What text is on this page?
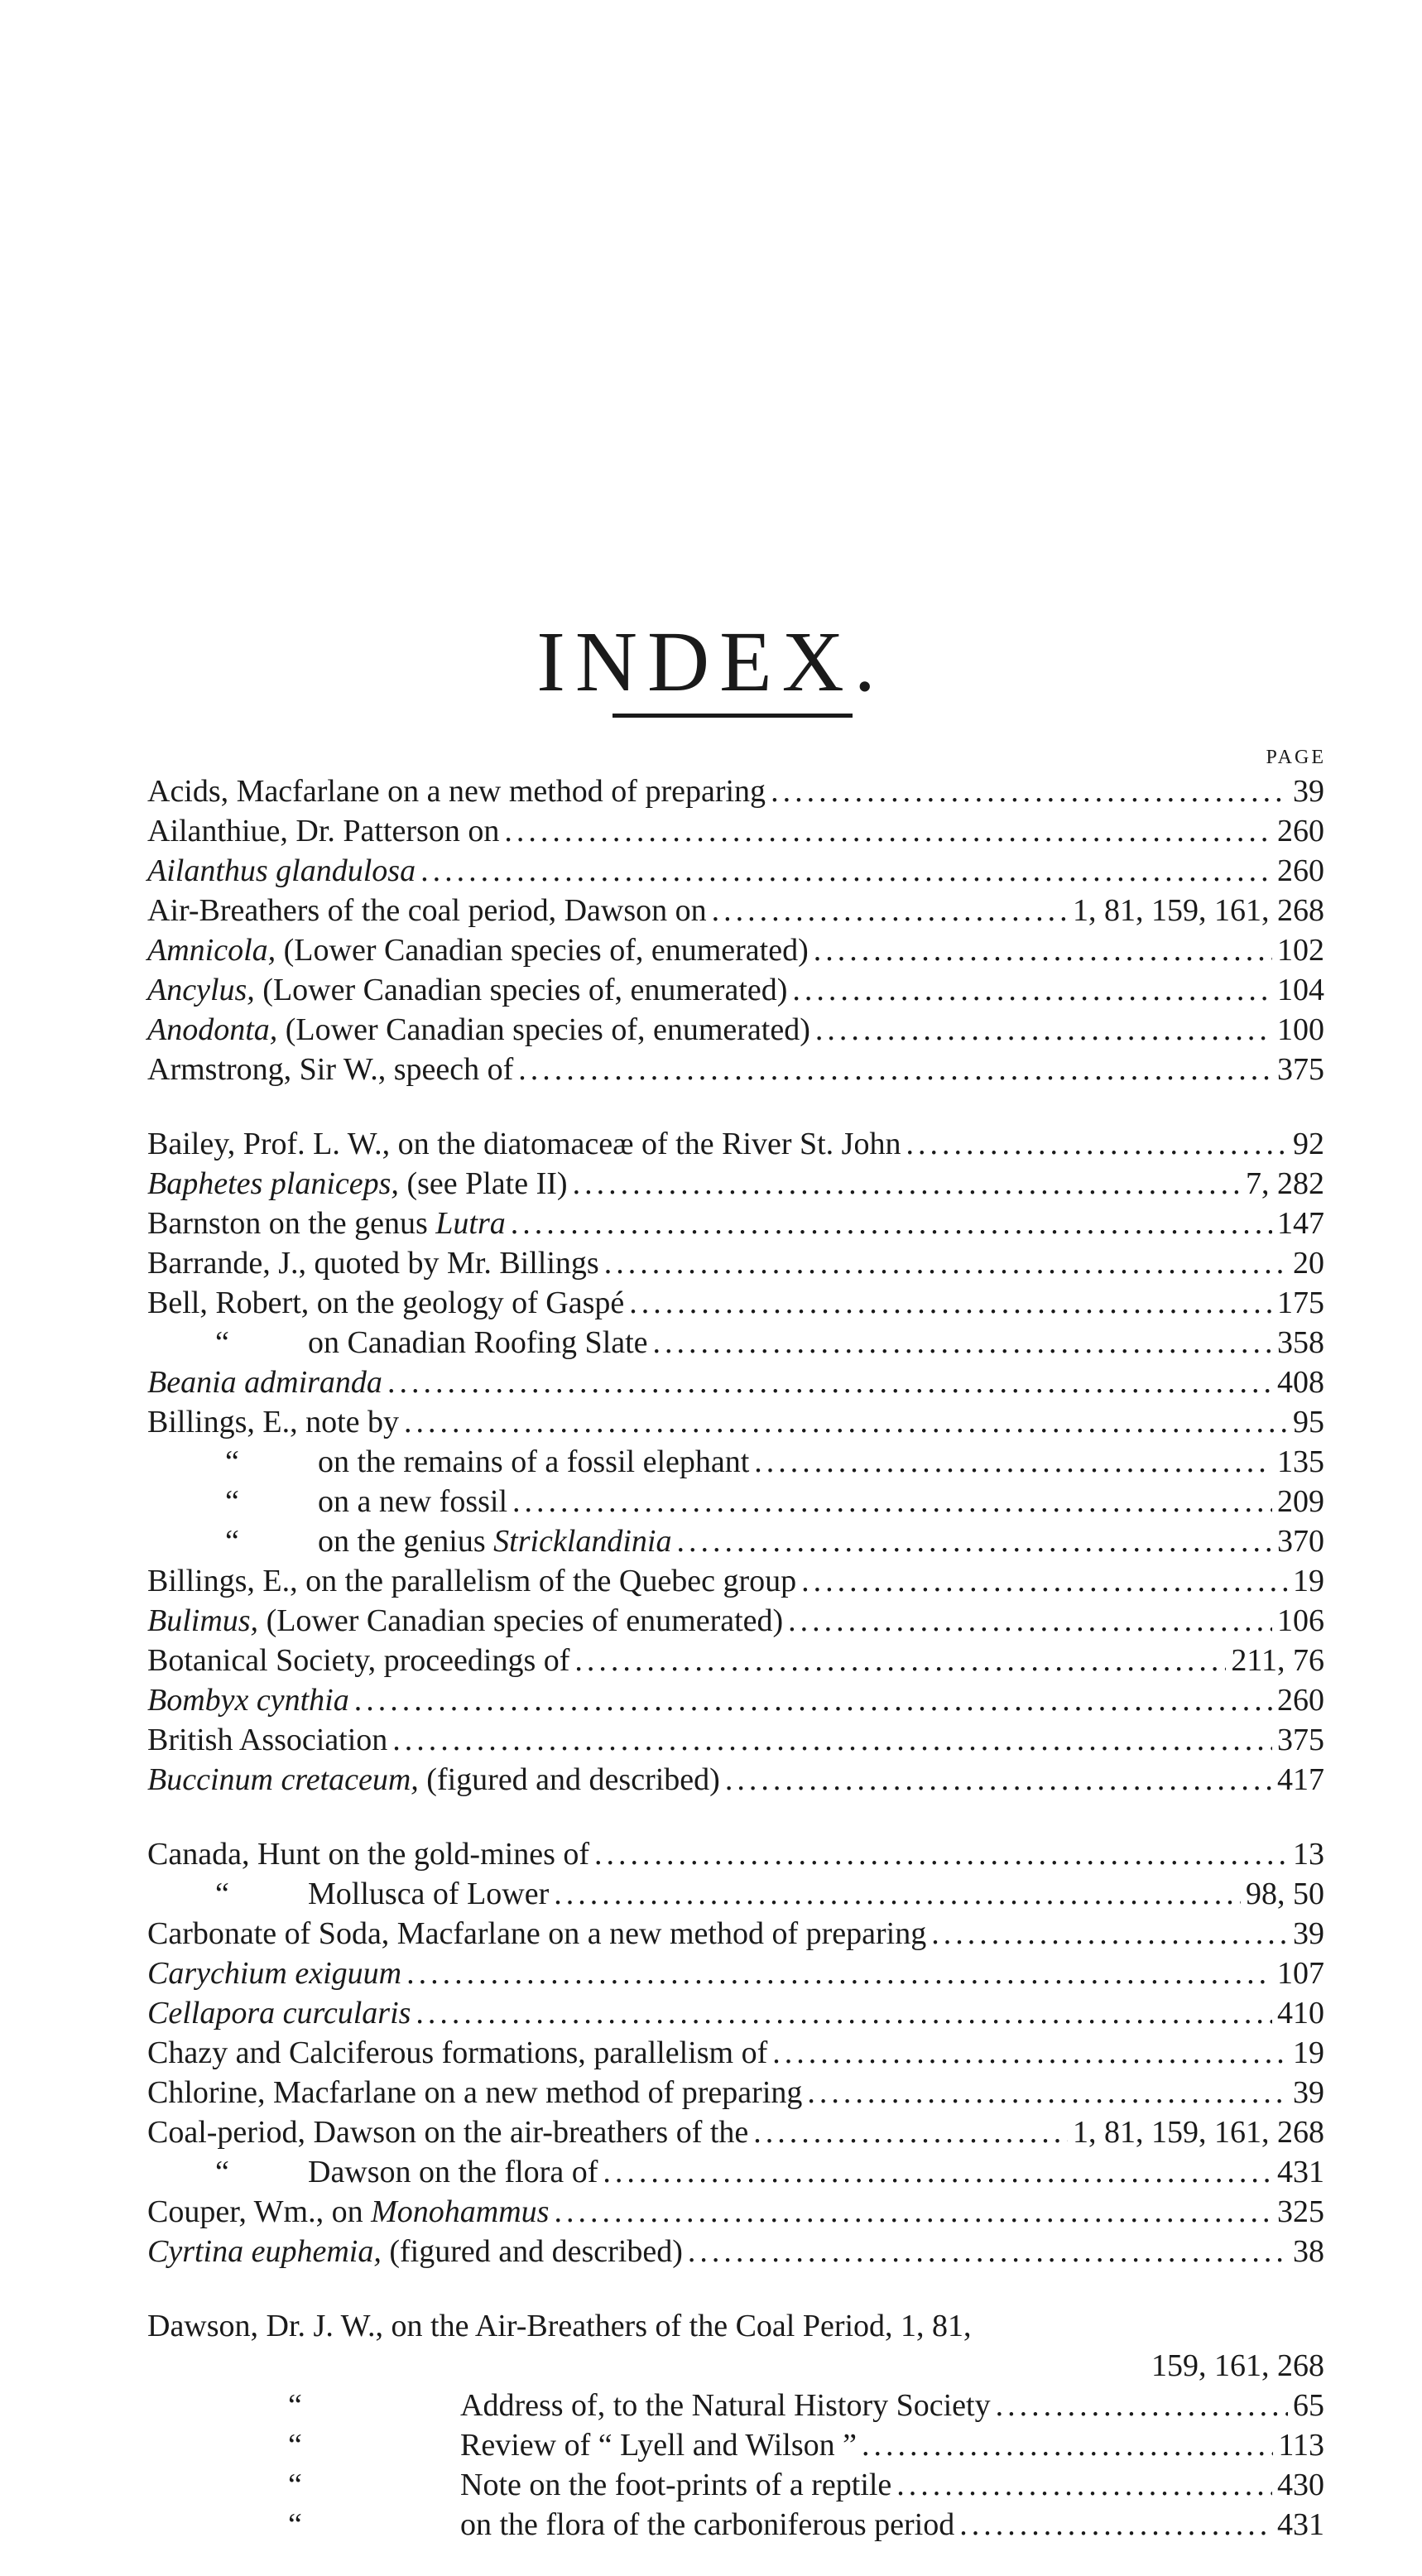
INDEX.
PAGE
Acids, Macfarlane on a new method of preparing .....	39
Ailanthiue, Dr. Patterson on .....	260
Ailanthus glandulosa .....	260
Air-Breathers of the coal period, Dawson on .....	1, 81, 159, 161, 268
Amnicola, (Lower Canadian species of, enumerated) .....	102
Ancylus, (Lower Canadian species of, enumerated) .....	104
Anodonta, (Lower Canadian species of, enumerated) .....	100
Armstrong, Sir W., speech of .....	375
Bailey, Prof. L. W., on the diatomaceæ of the River St. John .....	92
Baphetes planiceps, (see Plate II) .....	7, 282
Barnston on the genus Lutra .....	147
Barrande, J., quoted by Mr. Billings .....	20
Bell, Robert, on the geology of Gaspé .....	175
“	on Canadian Roofing Slate .....	358
Beania admiranda .....	408
Billings, E., note by .....	95
“	on the remains of a fossil elephant .....	135
“	on a new fossil .....	209
“	on the genius Stricklandinia .....	370
Billings, E., on the parallelism of the Quebec group .....	19
Bulimus, (Lower Canadian species of enumerated) .....	106
Botanical Society, proceedings of .....	211, 76
Bombyx cynthia .....	260
British Association .....	375
Buccinum cretaceum, (figured and described) .....	417
Canada, Hunt on the gold-mines of .....	13
“	Mollusca of Lower .....	98, 50
Carbonate of Soda, Macfarlane on a new method of preparing .....	39
Carychium exiguum .....	107
Cellapora curcularis .....	410
Chazy and Calciferous formations, parallelism of .....	19
Chlorine, Macfarlane on a new method of preparing .....	39
Coal-period, Dawson on the air-breathers of the .....	1, 81, 159, 161, 268
“	Dawson on the flora of .....	431
Couper, Wm., on Monohammus .....	325
Cyrtina euphemia, (figured and described) .....	38
Dawson, Dr. J. W., on the Air-Breathers of the Coal Period, 1, 81,
159, 161, 268
“	Address of, to the Natural History Society .....	65
“	Review of “ Lyell and Wilson ” .....	113
“	Note on the foot-prints of a reptile .....	430
“	on the flora of the carboniferous period .....	431
